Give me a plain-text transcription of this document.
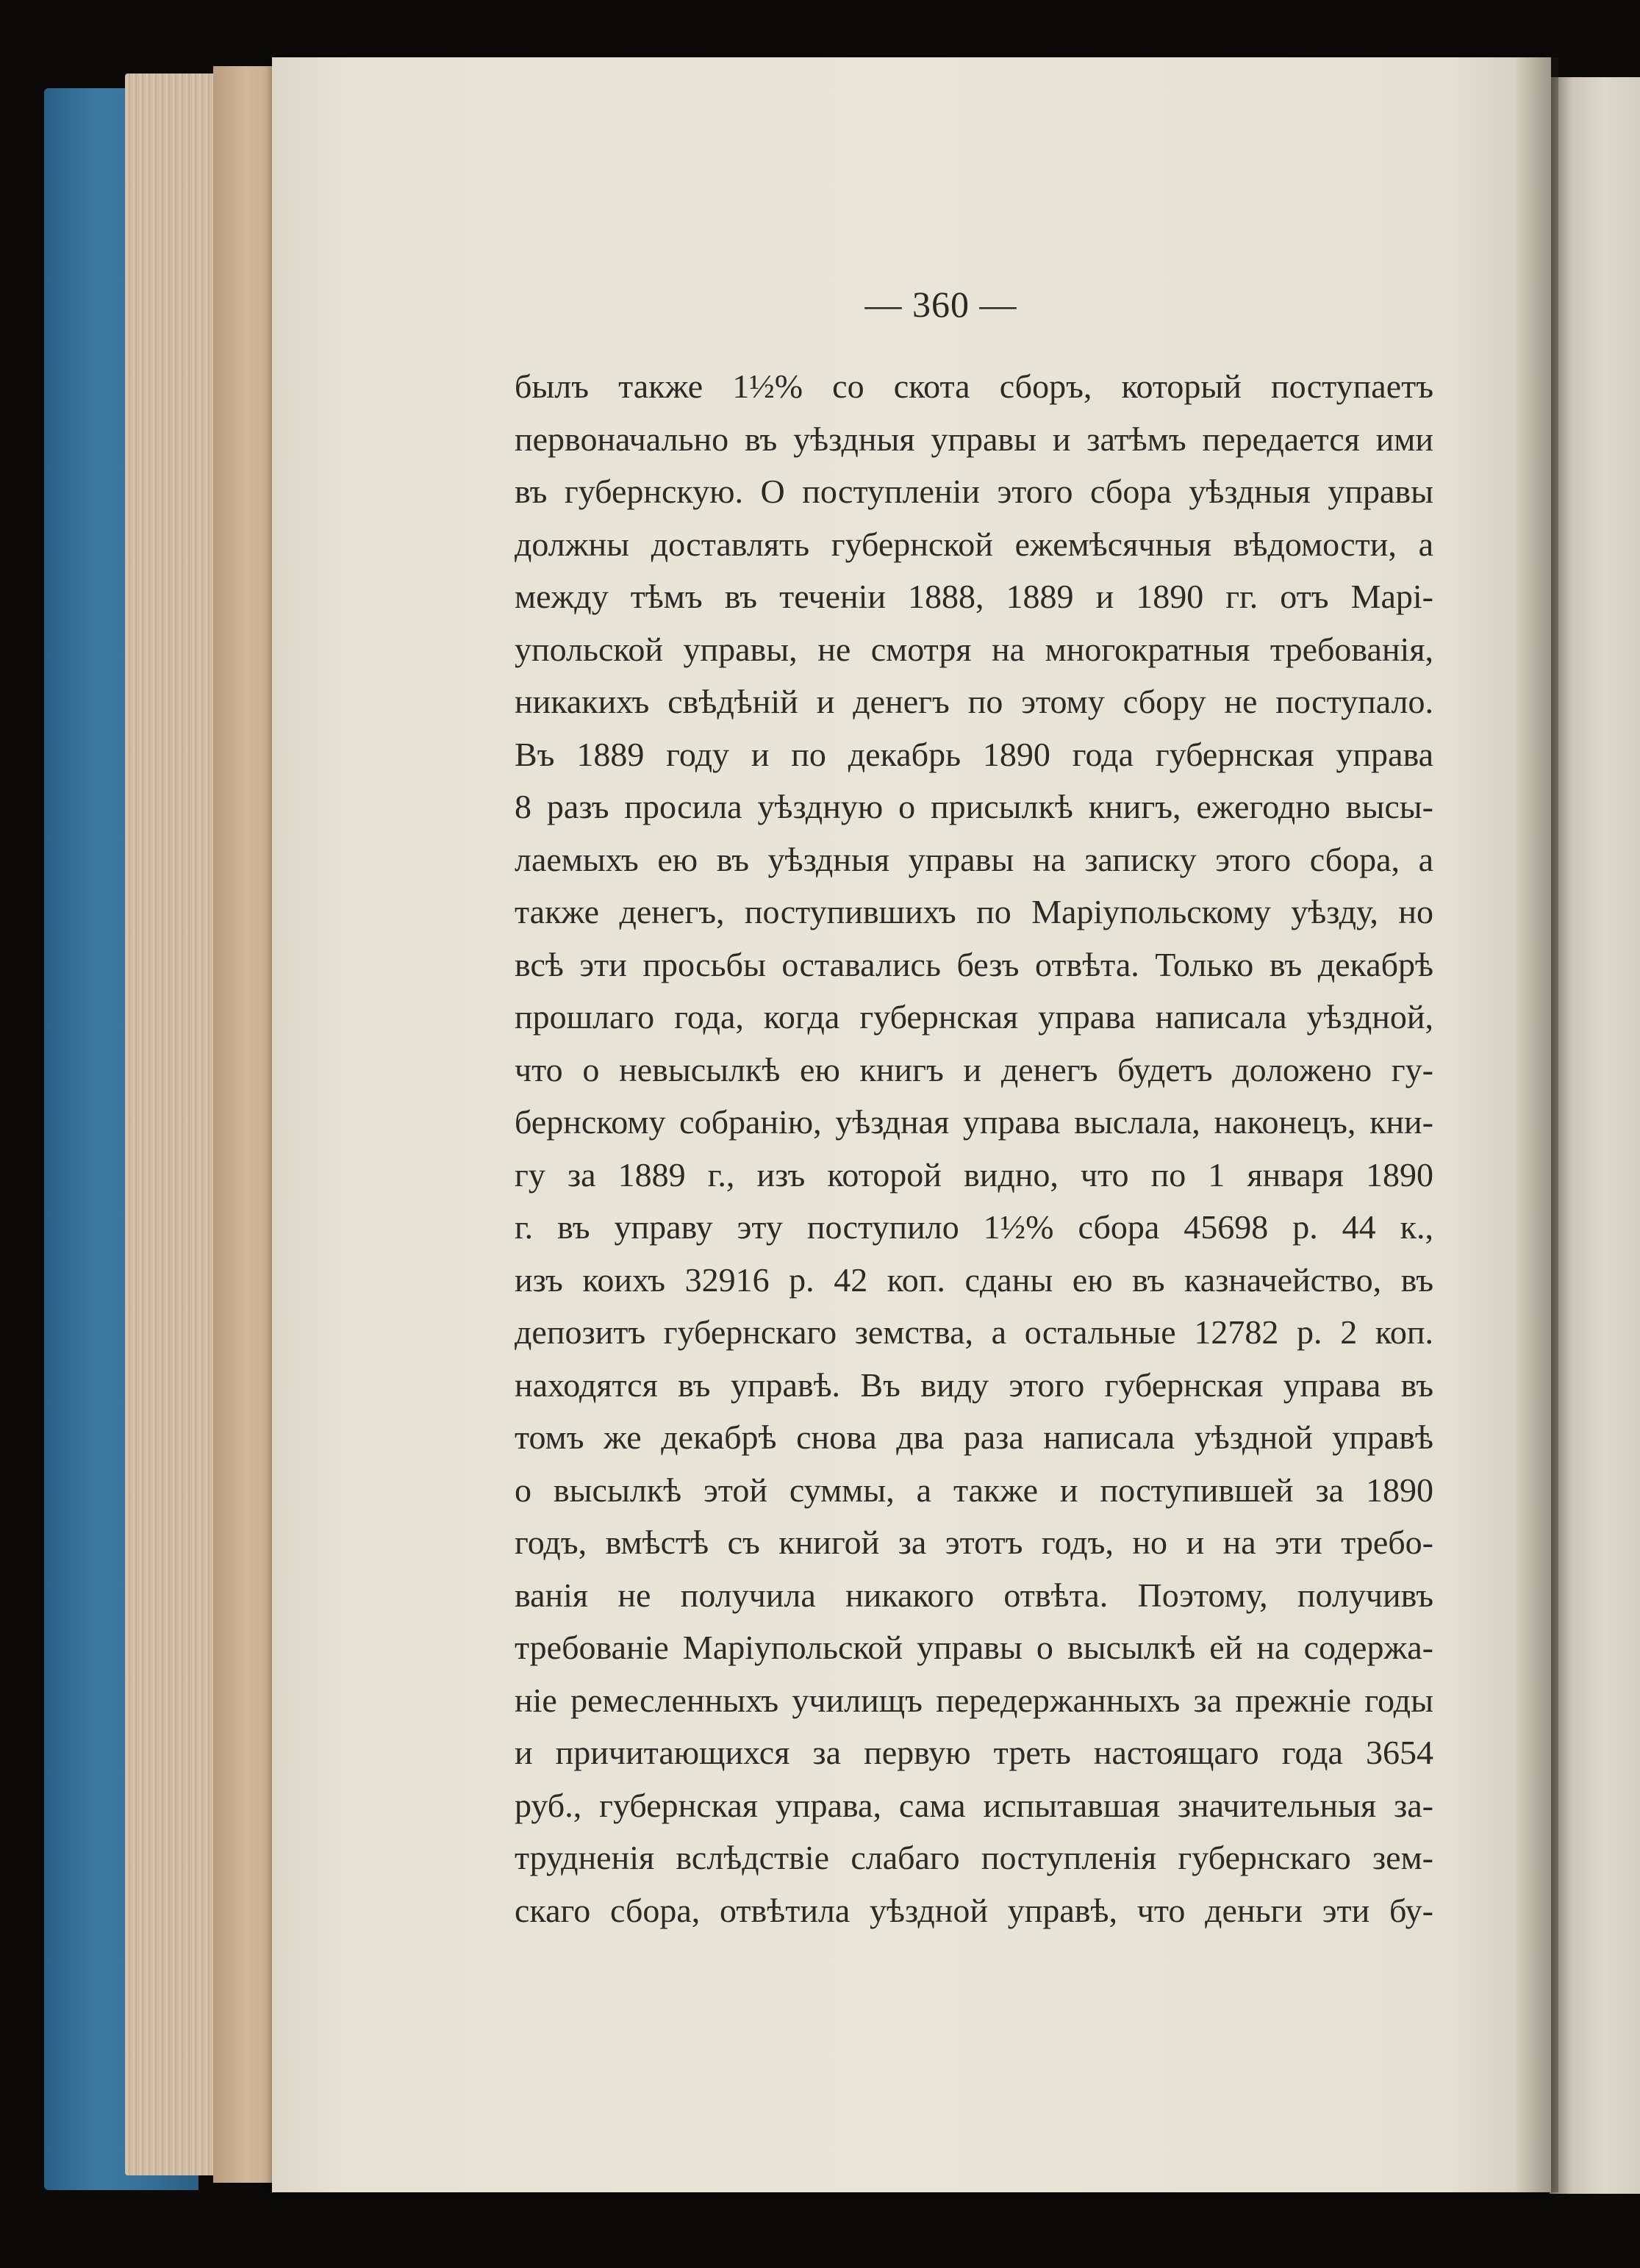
— 360 —
былъ также 1½% со скота сборъ, который поступаетъ
первоначально въ уѣздныя управы и затѣмъ передается ими
въ губернскую. О поступленіи этого сбора уѣздныя управы
должны доставлять губернской ежемѣсячныя вѣдомости, а
между тѣмъ въ теченіи 1888, 1889 и 1890 гг. отъ Марі-
упольской управы, не смотря на многократныя требованія,
никакихъ свѣдѣній и денегъ по этому сбору не поступало.
Въ 1889 году и по декабрь 1890 года губернская управа
8 разъ просила уѣздную о присылкѣ книгъ, ежегодно высы-
лаемыхъ ею въ уѣздныя управы на записку этого сбора, а
также денегъ, поступившихъ по Маріупольскому уѣзду, но
всѣ эти просьбы оставались безъ отвѣта. Только въ декабрѣ
прошлаго года, когда губернская управа написала уѣздной,
что о невысылкѣ ею книгъ и денегъ будетъ доложено гу-
бернскому собранію, уѣздная управа выслала, наконецъ, кни-
гу за 1889 г., изъ которой видно, что по 1 января 1890
г. въ управу эту поступило 1½% сбора 45698 р. 44 к.,
изъ коихъ 32916 р. 42 коп. сданы ею въ казначейство, въ
депозитъ губернскаго земства, а остальные 12782 р. 2 коп.
находятся въ управѣ. Въ виду этого губернская управа въ
томъ же декабрѣ снова два раза написала уѣздной управѣ
о высылкѣ этой суммы, а также и поступившей за 1890
годъ, вмѣстѣ съ книгой за этотъ годъ, но и на эти требо-
ванія не получила никакого отвѣта. Поэтому, получивъ
требованіе Маріупольской управы о высылкѣ ей на содержа-
ніе ремесленныхъ училищъ передержанныхъ за прежніе годы
и причитающихся за первую треть настоящаго года 3654
руб., губернская управа, сама испытавшая значительныя за-
трудненія вслѣдствіе слабаго поступленія губернскаго зем-
скаго сбора, отвѣтила уѣздной управѣ, что деньги эти бу-
